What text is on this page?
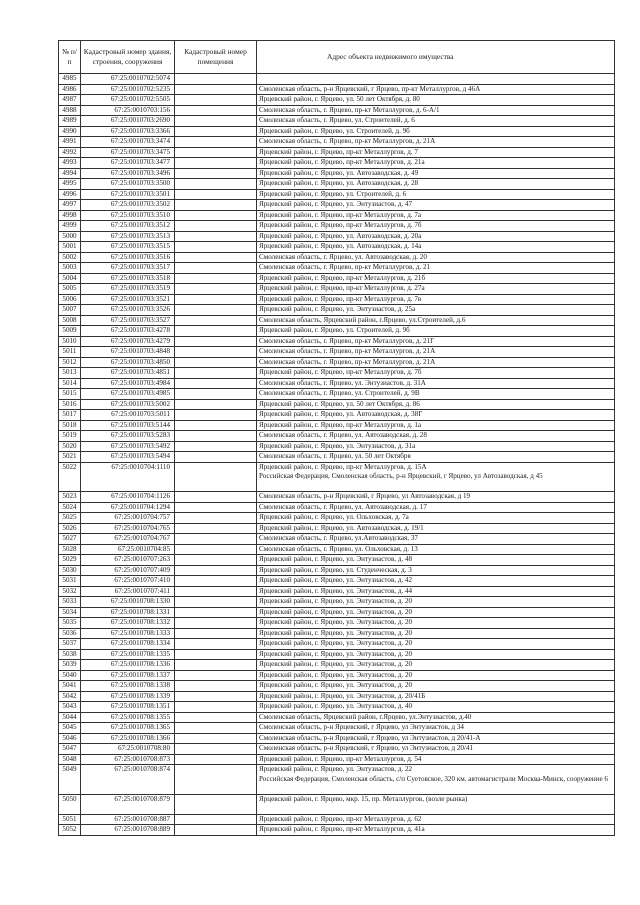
№ п/п	Кадастровый номер здания, строения, сооружения	Кадастровый номер помещения	Адрес объекта недвижимого имущества
4985	67:25:0010702:5074		
4986	67:25:0010702:5235		Смоленская область, р-н Ярцевский, г Ярцево, пр-кт Металлургов, д 46А
4987	67:25:0010702:5505		Ярцевский район, г. Ярцево, ул. 50 лет Октября, д. 80
4988	67:25:0010703:156		Смоленская область, г. Ярцево, пр-кт Металлургов, д. 6-А/1
4989	67:25:0010703:2690		Смоленская область, г. Ярцево, ул. Строителей, д. 6
4990	67:25:0010703:3366		Ярцевский район, г. Ярцево, ул. Строителей, д. 9б
4991	67:25:0010703:3474		Смоленская область, г. Ярцево, пр-кт Металлургов, д. 21А
4992	67:25:0010703:3475		Ярцевский район, г. Ярцево, пр-кт Металлургов, д. 7
4993	67:25:0010703:3477		Ярцевский район, г. Ярцево, пр-кт Металлургов, д. 21а
4994	67:25:0010703:3496		Ярцевский район, г. Ярцево, ул. Автозаводская, д. 49
4995	67:25:0010703:3500		Ярцевский район, г. Ярцево, ул. Автозаводская, д. 28
4996	67:25:0010703:3501		Ярцевский район, г. Ярцево, ул. Строителей, д. 6
4997	67:25:0010703:3502		Ярцевский район, г. Ярцево, ул. Энтузиастов, д. 47
4998	67:25:0010703:3510		Ярцевский район, г. Ярцево, пр-кт Металлургов, д. 7а
4999	67:25:0010703:3512		Ярцевский район, г. Ярцево, пр-кт Металлургов, д. 7б
5000	67:25:0010703:3513		Ярцевский район, г. Ярцево, ул. Автозаводская, д. 20а
5001	67:25:0010703:3515		Ярцевский район, г. Ярцево, ул. Автозаводская, д. 14а
5002	67:25:0010703:3516		Смоленская область, г. Ярцево, ул. Автозаводская, д. 20
5003	67:25:0010703:3517		Смоленская область, г. Ярцево, пр-кт Металлургов, д. 21
5004	67:25:0010703:3518		Ярцевский район, г. Ярцево, пр-кт Металлургов, д. 21б
5005	67:25:0010703:3519		Ярцевский район, г. Ярцево, пр-кт Металлургов, д. 27а
5006	67:25:0010703:3521		Ярцевский район, г. Ярцево, пр-кт Металлургов, д. 7в
5007	67:25:0010703:3526		Ярцевский район, г. Ярцево, ул. Энтузиастов, д. 25а
5008	67:25:0010703:3527		Смоленская область, Ярцевский район, г.Ярцево, ул.Строителей, д.6
5009	67:25:0010703:4278		Ярцевский район, г. Ярцево, ул. Строителей, д. 9б
5010	67:25:0010703:4279		Смоленская область, г. Ярцево, пр-кт Металлургов, д. 21Г
5011	67:25:0010703:4848		Смоленская область, г. Ярцево, пр-кт Металлургов, д. 21А
5012	67:25:0010703:4850		Смоленская область, г. Ярцево, пр-кт Металлургов, д. 21А
5013	67:25:0010703:4851		Ярцевский район, г. Ярцево, пр-кт Металлургов, д. 7б
5014	67:25:0010703:4984		Смоленская область, г. Ярцево, ул. Энтузиастов, д. 31А
5015	67:25:0010703:4985		Смоленская область, г. Ярцево, ул. Строителей, д. 9В
5016	67:25:0010703:5002		Ярцевский район, г. Ярцево, ул. 50 лет Октября, д. 86
5017	67:25:0010703:5011		Ярцевский район, г. Ярцево, ул. Автозаводская, д. 38Г
5018	67:25:0010703:5144		Ярцевский район, г. Ярцево, пр-кт Металлургов, д. 1а
5019	67:25:0010703:5283		Смоленская область, г. Ярцево, ул. Автозаводская, д. 28
5020	67:25:0010703:5492		Ярцевский район, г. Ярцево, ул. Энтузиастов, д. 31а
5021	67:25:0010703:5494		Смоленская область, г. Ярцево, ул. 50 лет Октября
5022	67:25:0010704:1110		Ярцевский район, г. Ярцево, пр-кт Металлургов, д. 15А
Российская Федерация, Смоленская область, р-н Ярцевский, г Ярцево, ул Автозаводская, д 45
5023	67:25:0010704:1126		Смоленская область, р-н Ярцевский, г Ярцево, ул Автозаводская, д 19
5024	67:25:0010704:1294		Смоленская область, г. Ярцево, ул. Автозаводская, д. 17
5025	67:25:0010704:757		Ярцевский район, г. Ярцево, ул. Ольховская, д. 7а
5026	67:25:0010704:765		Ярцевский район, г. Ярцево, ул. Автозаводская, д. 19/1
5027	67:25:0010704:767		Смоленская область, г. Ярцево, ул.Автозаводская, 37
5028	67:25:0010704:85		Смоленская область, г. Ярцево, ул. Ольховская, д. 13
5029	67:25:0010707:263		Ярцевский район, г. Ярцево, ул. Энтузиастов, д. 48
5030	67:25:0010707:409		Ярцевский район, г. Ярцево, ул. Студенческая, д. 3
5031	67:25:0010707:410		Ярцевский район, г. Ярцево, ул. Энтузиастов, д. 42
5032	67:25:0010707:411		Ярцевский район, г. Ярцево, ул. Энтузиастов, д. 44
5033	67:25:0010708:1330		Ярцевский район, г. Ярцево, ул. Энтузиастов, д. 20
5034	67:25:0010708:1331		Ярцевский район, г. Ярцево, ул. Энтузиастов, д. 20
5035	67:25:0010708:1332		Ярцевский район, г. Ярцево, ул. Энтузиастов, д. 20
5036	67:25:0010708:1333		Ярцевский район, г. Ярцево, ул. Энтузиастов, д. 20
5037	67:25:0010708:1334		Ярцевский район, г. Ярцево, ул. Энтузиастов, д. 20
5038	67:25:0010708:1335		Ярцевский район, г. Ярцево, ул. Энтузиастов, д. 20
5039	67:25:0010708:1336		Ярцевский район, г. Ярцево, ул. Энтузиастов, д. 20
5040	67:25:0010708:1337		Ярцевский район, г. Ярцево, ул. Энтузиастов, д. 20
5041	67:25:0010708:1338		Ярцевский район, г. Ярцево, ул. Энтузиастов, д. 20
5042	67:25:0010708:1339		Ярцевский район, г. Ярцево, ул. Энтузиастов, д. 20/41Б
5043	67:25:0010708:1351		Ярцевский район, г. Ярцево, ул. Энтузиастов, д. 40
5044	67:25:0010708:1355		Смоленская область, Ярцевский район, г.Ярцево, ул.Энтузиастов, д.40
5045	67:25:0010708:1365		Смоленская область, р-н Ярцевский, г Ярцево, ул Энтузиастов, д 34
5046	67:25:0010708:1366		Смоленская область, р-н Ярцевский, г Ярцево, ул Энтузиастов, д 20/41-А
5047	67:25:0010708:80		Смоленская область, р-н Ярцевский, г Ярцево, ул Энтузиастов, д 20/41
5048	67:25:0010708:873		Ярцевский район, г. Ярцево, пр-кт Металлургов, д. 54
5049	67:25:0010708:874		Ярцевский район, г. Ярцево, ул. Энтузиастов, д. 22
Российская Федерация, Смоленская область, с/п Суетовское, 320 км. автомагистрали Москва-Минск, сооружение 6
5050	67:25:0010708:879		Ярцевский район, г. Ярцево, мкр. 15, пр. Металлургов, (возле рынка)
5051	67:25:0010708:887		Ярцевский район, г. Ярцево, пр-кт Металлургов, д. 62
5052	67:25:0010708:889		Ярцевский район, г. Ярцево, пр-кт Металлургов, д. 41а
